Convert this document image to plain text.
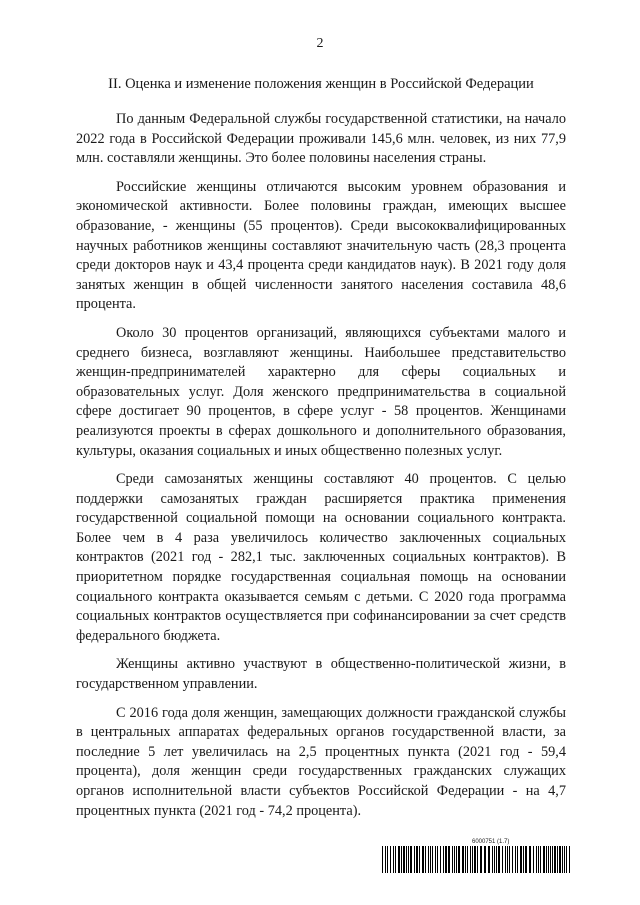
2
II. Оценка и изменение положения женщин в Российской Федерации

По данным Федеральной службы государственной статистики, на начало 2022 года в Российской Федерации проживали 145,6 млн. человек, из них 77,9 млн. составляли женщины. Это более половины населения страны.

Российские женщины отличаются высоким уровнем образования и экономической активности. Более половины граждан, имеющих высшее образование, - женщины (55 процентов). Среди высококвалифицированных научных работников женщины составляют значительную часть (28,3 процента среди докторов наук и 43,4 процента среди кандидатов наук). В 2021 году доля занятых женщин в общей численности занятого населения составила 48,6 процента.

Около 30 процентов организаций, являющихся субъектами малого и среднего бизнеса, возглавляют женщины. Наибольшее представительство женщин-предпринимателей характерно для сферы социальных и образовательных услуг. Доля женского предпринимательства в социальной сфере достигает 90 процентов, в сфере услуг - 58 процентов. Женщинами реализуются проекты в сферах дошкольного и дополнительного образования, культуры, оказания социальных и иных общественно полезных услуг.

Среди самозанятых женщины составляют 40 процентов. С целью поддержки самозанятых граждан расширяется практика применения государственной социальной помощи на основании социального контракта. Более чем в 4 раза увеличилось количество заключенных социальных контрактов (2021 год - 282,1 тыс. заключенных социальных контрактов). В приоритетном порядке государственная социальная помощь на основании социального контракта оказывается семьям с детьми. С 2020 года программа социальных контрактов осуществляется при софинансировании за счет средств федерального бюджета.

Женщины активно участвуют в общественно-политической жизни, в государственном управлении.

С 2016 года доля женщин, замещающих должности гражданской службы в центральных аппаратах федеральных органов государственной власти, за последние 5 лет увеличилась на 2,5 процентных пункта (2021 год - 59,4 процента), доля женщин среди государственных гражданских служащих органов исполнительной власти субъектов Российской Федерации - на 4,7 процентных пункта (2021 год - 74,2 процента).

6000751 (1.7)
